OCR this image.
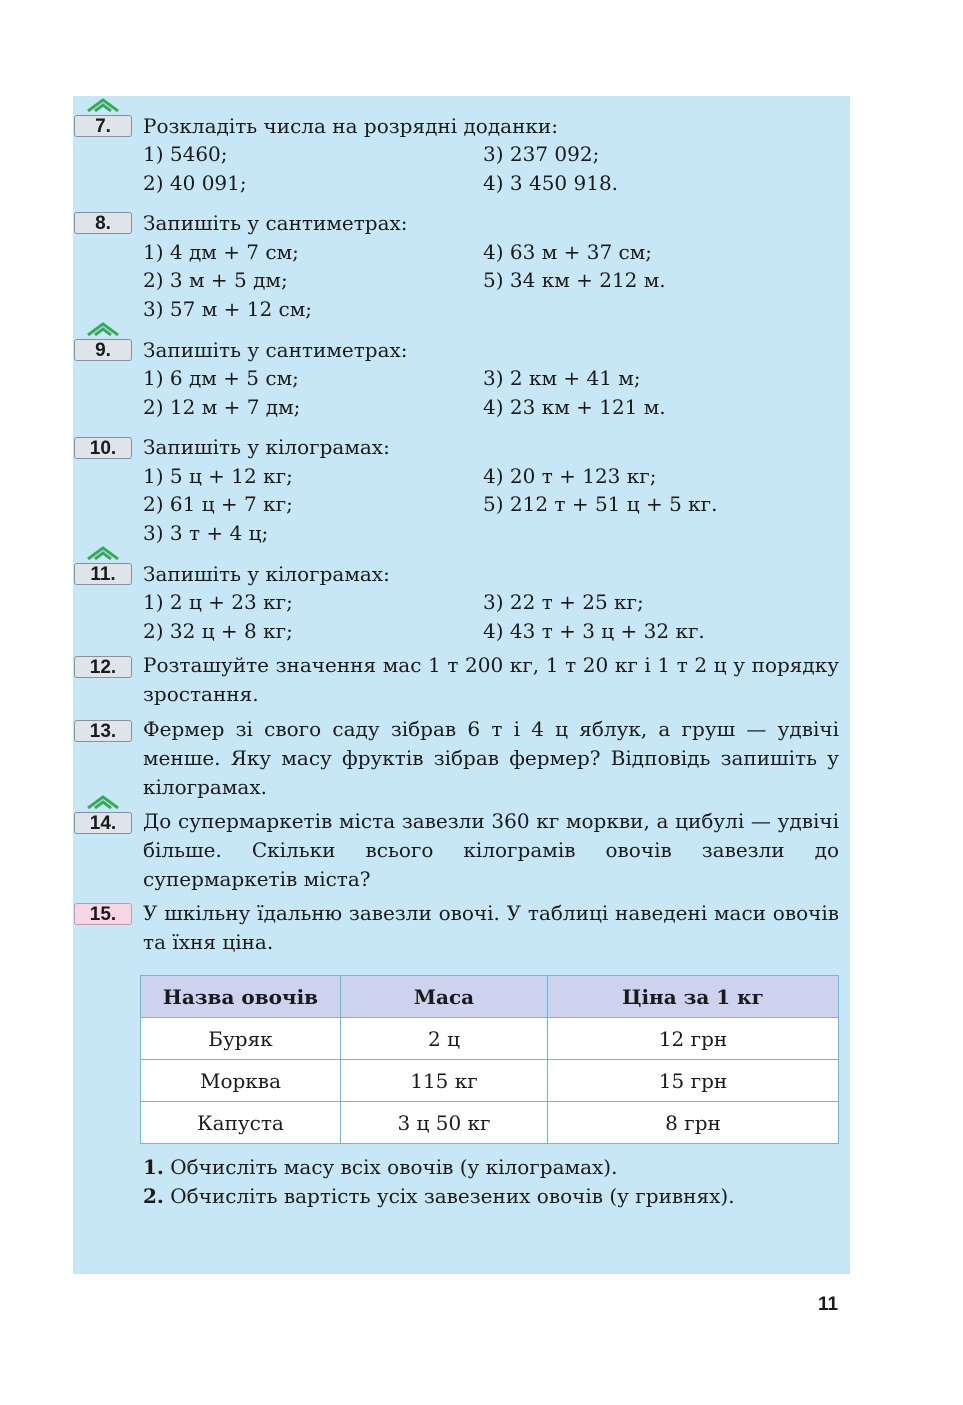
7.	Розкладіть числа на розрядні доданки:
1) 5460;	3) 237 092;
2) 40 091;	4) 3 450 918.
8.	Запишіть у сантиметрах:
1) 4 дм + 7 см;	4) 63 м + 37 см;
2) 3 м + 5 дм;	5) 34 км + 212 м.
3) 57 м + 12 см;
9.	Запишіть у сантиметрах:
1) 6 дм + 5 см;	3) 2 км + 41 м;
2) 12 м + 7 дм;	4) 23 км + 121 м.
10.	Запишіть у кілограмах:
1) 5 ц + 12 кг;	4) 20 т + 123 кг;
2) 61 ц + 7 кг;	5) 212 т + 51 ц + 5 кг.
3) 3 т + 4 ц;
11.	Запишіть у кілограмах:
1) 2 ц + 23 кг;	3) 22 т + 25 кг;
2) 32 ц + 8 кг;	4) 43 т + 3 ц + 32 кг.
12.	Розташуйте значення мас 1 т 200 кг, 1 т 20 кг і 1 т 2 ц у порядку зростання.

13.	Фермер зі свого саду зібрав 6 т і 4 ц яблук, а груш — удвічі менше. Яку масу фруктів зібрав фермер? Відповідь запишіть у кілограмах.

14.	До супермаркетів міста завезли 360 кг моркви, а цибулі — удвічі більше. Скільки всього кілограмів овочів завезли до супермаркетів міста?

15.	У шкільну їдальню завезли овочі. У таблиці наведені маси овочів та їхня ціна.

Назва овочів	Маса	Ціна за 1 кг
Буряк	2 ц	12 грн
Морква	115 кг	15 грн
Капуста	3 ц 50 кг	8 грн
1. Обчисліть масу всіх овочів (у кілограмах).
2. Обчисліть вартість усіх завезених овочів (у гривнях).
11
